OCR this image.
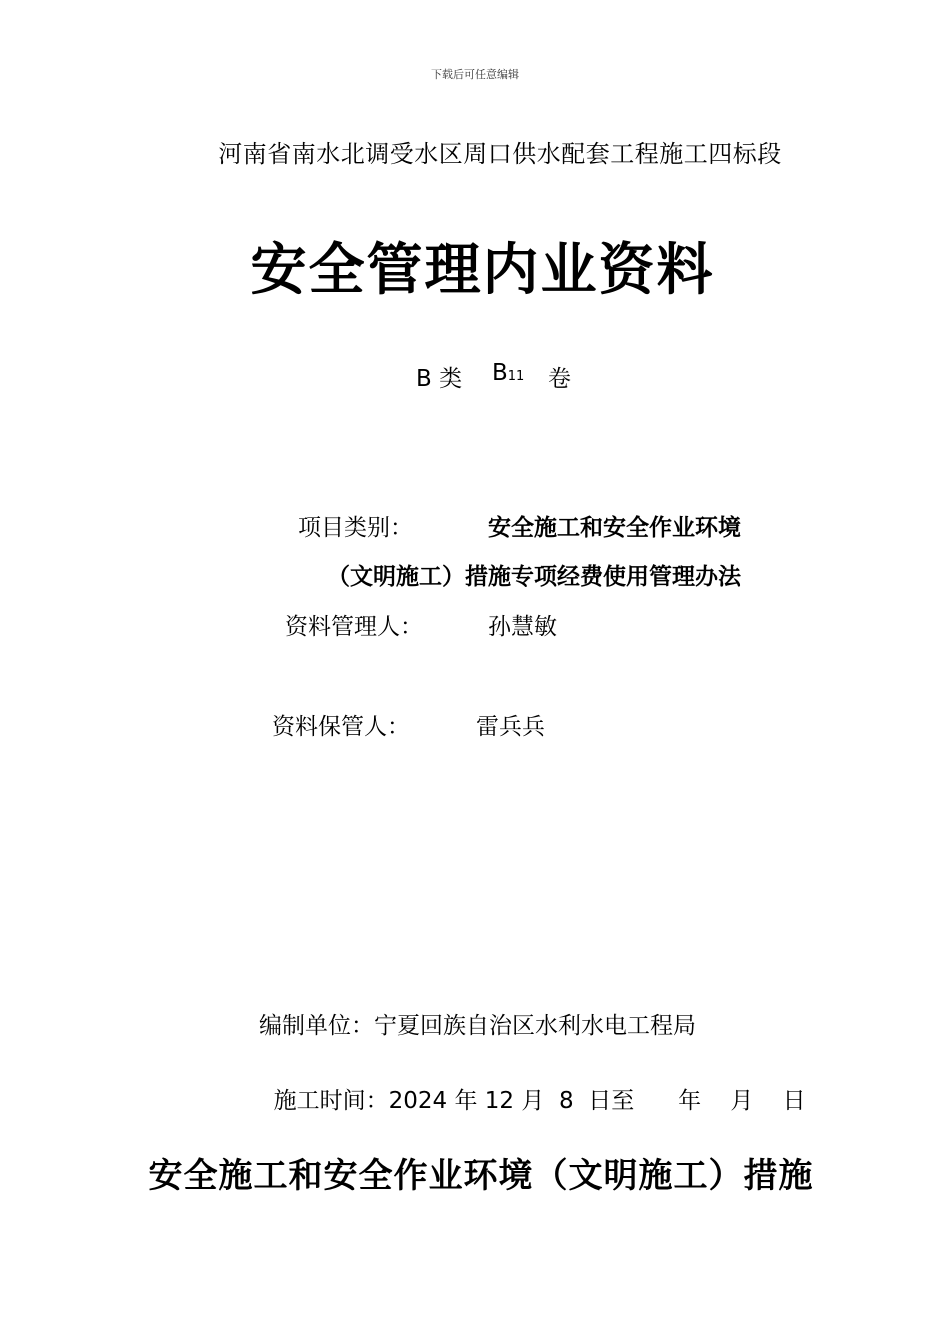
下载后可任意编辑
河南省南水北调受水区周口供水配套工程施工四标段
安全管理内业资料
B 类 B11 卷
项目类别：	安全施工和安全作业环境
（文明施工）措施专项经费使用管理办法
资料管理人：	孙慧敏
资料保管人：	雷兵兵
编制单位：宁夏回族自治区水利水电工程局

施工时间：2024 年 12 月  8  日至      年    月    日

安全施工和安全作业环境（文明施工）措施
